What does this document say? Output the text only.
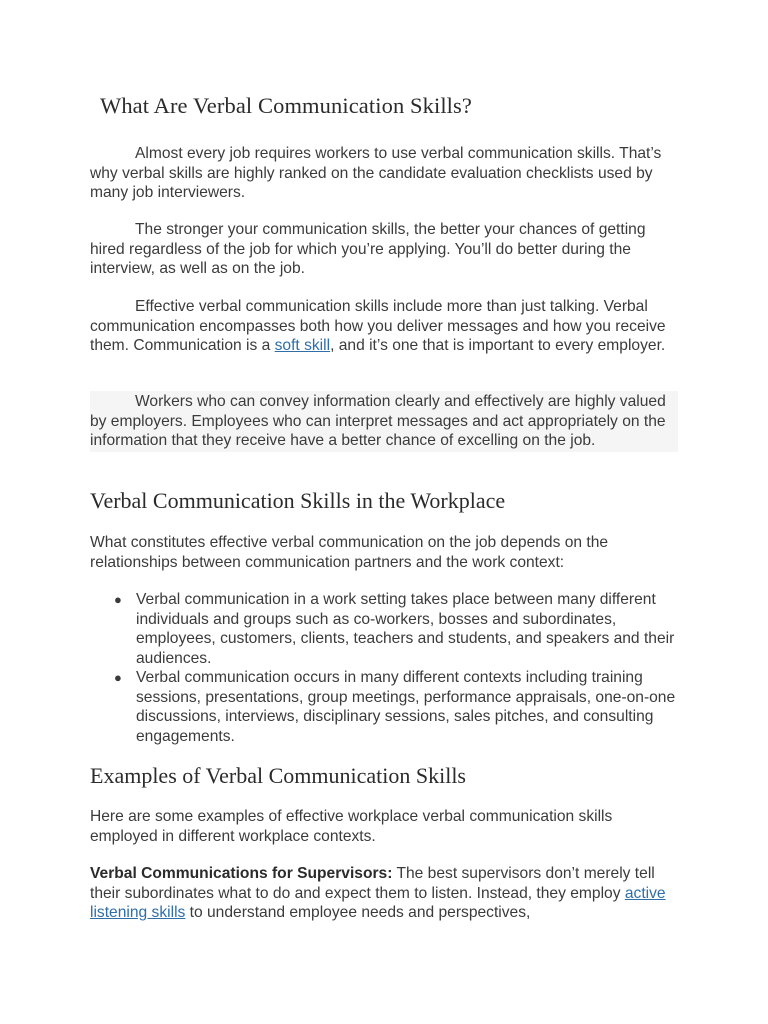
What Are Verbal Communication Skills?

Almost every job requires workers to use verbal communication skills. That’s why verbal skills are highly ranked on the candidate evaluation checklists used by many job interviewers.

The stronger your communication skills, the better your chances of getting hired regardless of the job for which you’re applying. You’ll do better during the interview, as well as on the job.

Effective verbal communication skills include more than just talking. Verbal communication encompasses both how you deliver messages and how you receive them. Communication is a soft skill, and it’s one that is important to every employer.

Workers who can convey information clearly and effectively are highly valued by employers. Employees who can interpret messages and act appropriately on the information that they receive have a better chance of excelling on the job.

Verbal Communication Skills in the Workplace

What constitutes effective verbal communication on the job depends on the relationships between communication partners and the work context:

● Verbal communication in a work setting takes place between many different individuals and groups such as co-workers, bosses and subordinates, employees, customers, clients, teachers and students, and speakers and their audiences.
● Verbal communication occurs in many different contexts including training sessions, presentations, group meetings, performance appraisals, one-on-one discussions, interviews, disciplinary sessions, sales pitches, and consulting engagements.
Examples of Verbal Communication Skills

Here are some examples of effective workplace verbal communication skills employed in different workplace contexts.

Verbal Communications for Supervisors: The best supervisors don’t merely tell their subordinates what to do and expect them to listen. Instead, they employ active listening skills to understand employee needs and perspectives,
